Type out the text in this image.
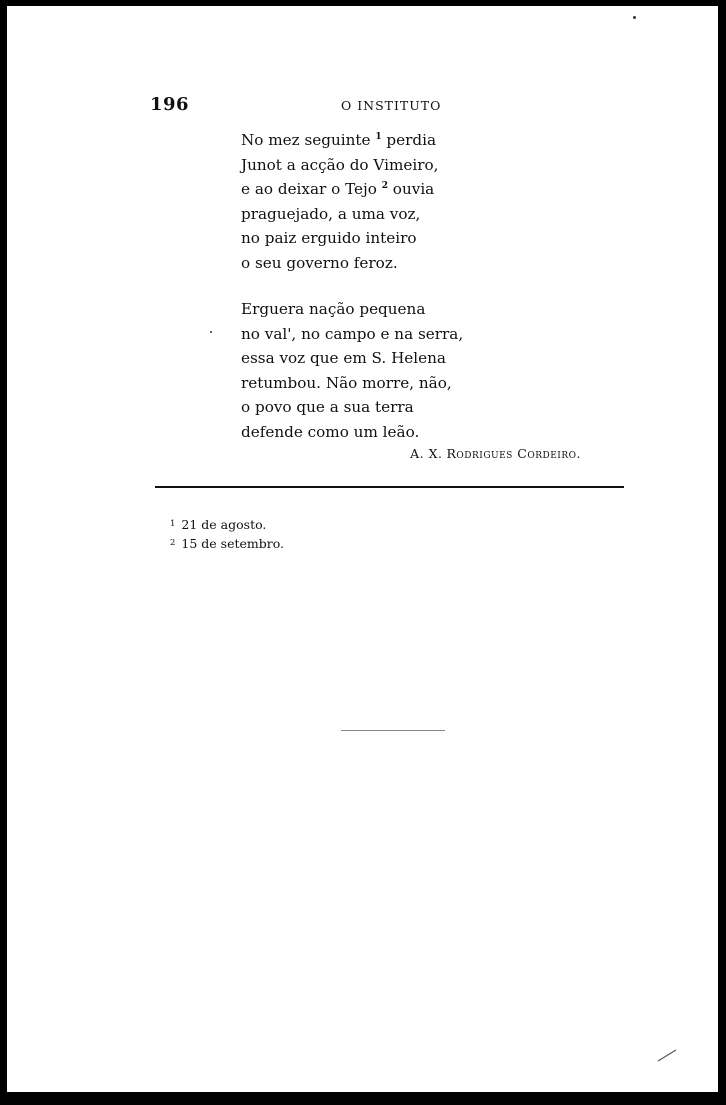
196	O INSTITUTO
No mez seguinte $^1$ perdia
Junot a acção do Vimeiro,
e ao deixar o Tejo $^2$ ouvia
praguejado, a uma voz,
no paiz erguido inteiro
o seu governo feroz.
Erguera nação pequena
no val', no campo e na serra,
essa voz que em S. Helena
retumbou. Não morre, não,
o povo que a sua terra
defende como um leão.
A. X. Rodrigues Cordeiro.
$^1$ 21 de agosto.
$^2$ 15 de setembro.
